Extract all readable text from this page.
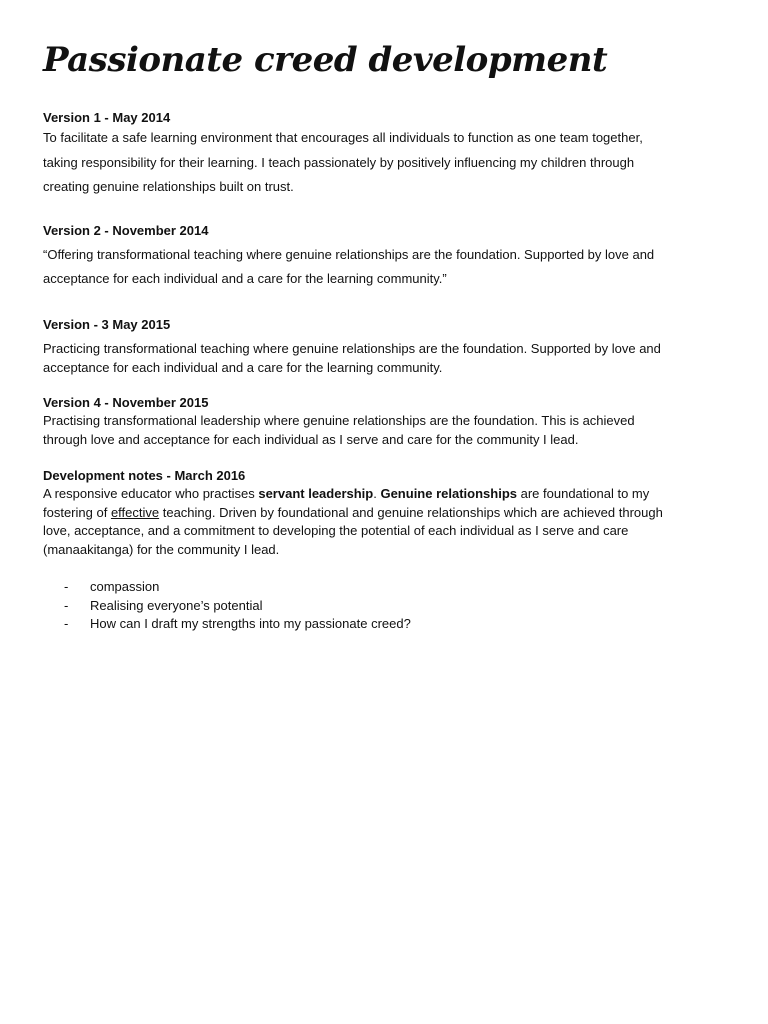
Passionate creed development
Version 1 - May 2014
To facilitate a safe learning environment that encourages all individuals to function as one team together,
taking responsibility for their learning. I teach passionately by positively influencing my children through
creating genuine relationships built on trust.
Version 2 - November 2014
“Offering transformational teaching where genuine relationships are the foundation. Supported by love and
acceptance for each individual and a care for the learning community.”
Version - 3 May 2015
Practicing transformational teaching where genuine relationships are the foundation. Supported by love and
acceptance for each individual and a care for the learning community.
Version 4 - November 2015
Practising transformational leadership where genuine relationships are the foundation. This is achieved
through love and acceptance for each individual as I serve and care for the community I lead.
Development notes - March 2016
A responsive educator who practises servant leadership. Genuine relationships are foundational to my
fostering of effective teaching. Driven by foundational and genuine relationships which are achieved through
love, acceptance, and a commitment to developing the potential of each individual as I serve and care
(manaakitanga) for the community I lead.
- compassion
- Realising everyone’s potential
- How can I draft my strengths into my passionate creed?
